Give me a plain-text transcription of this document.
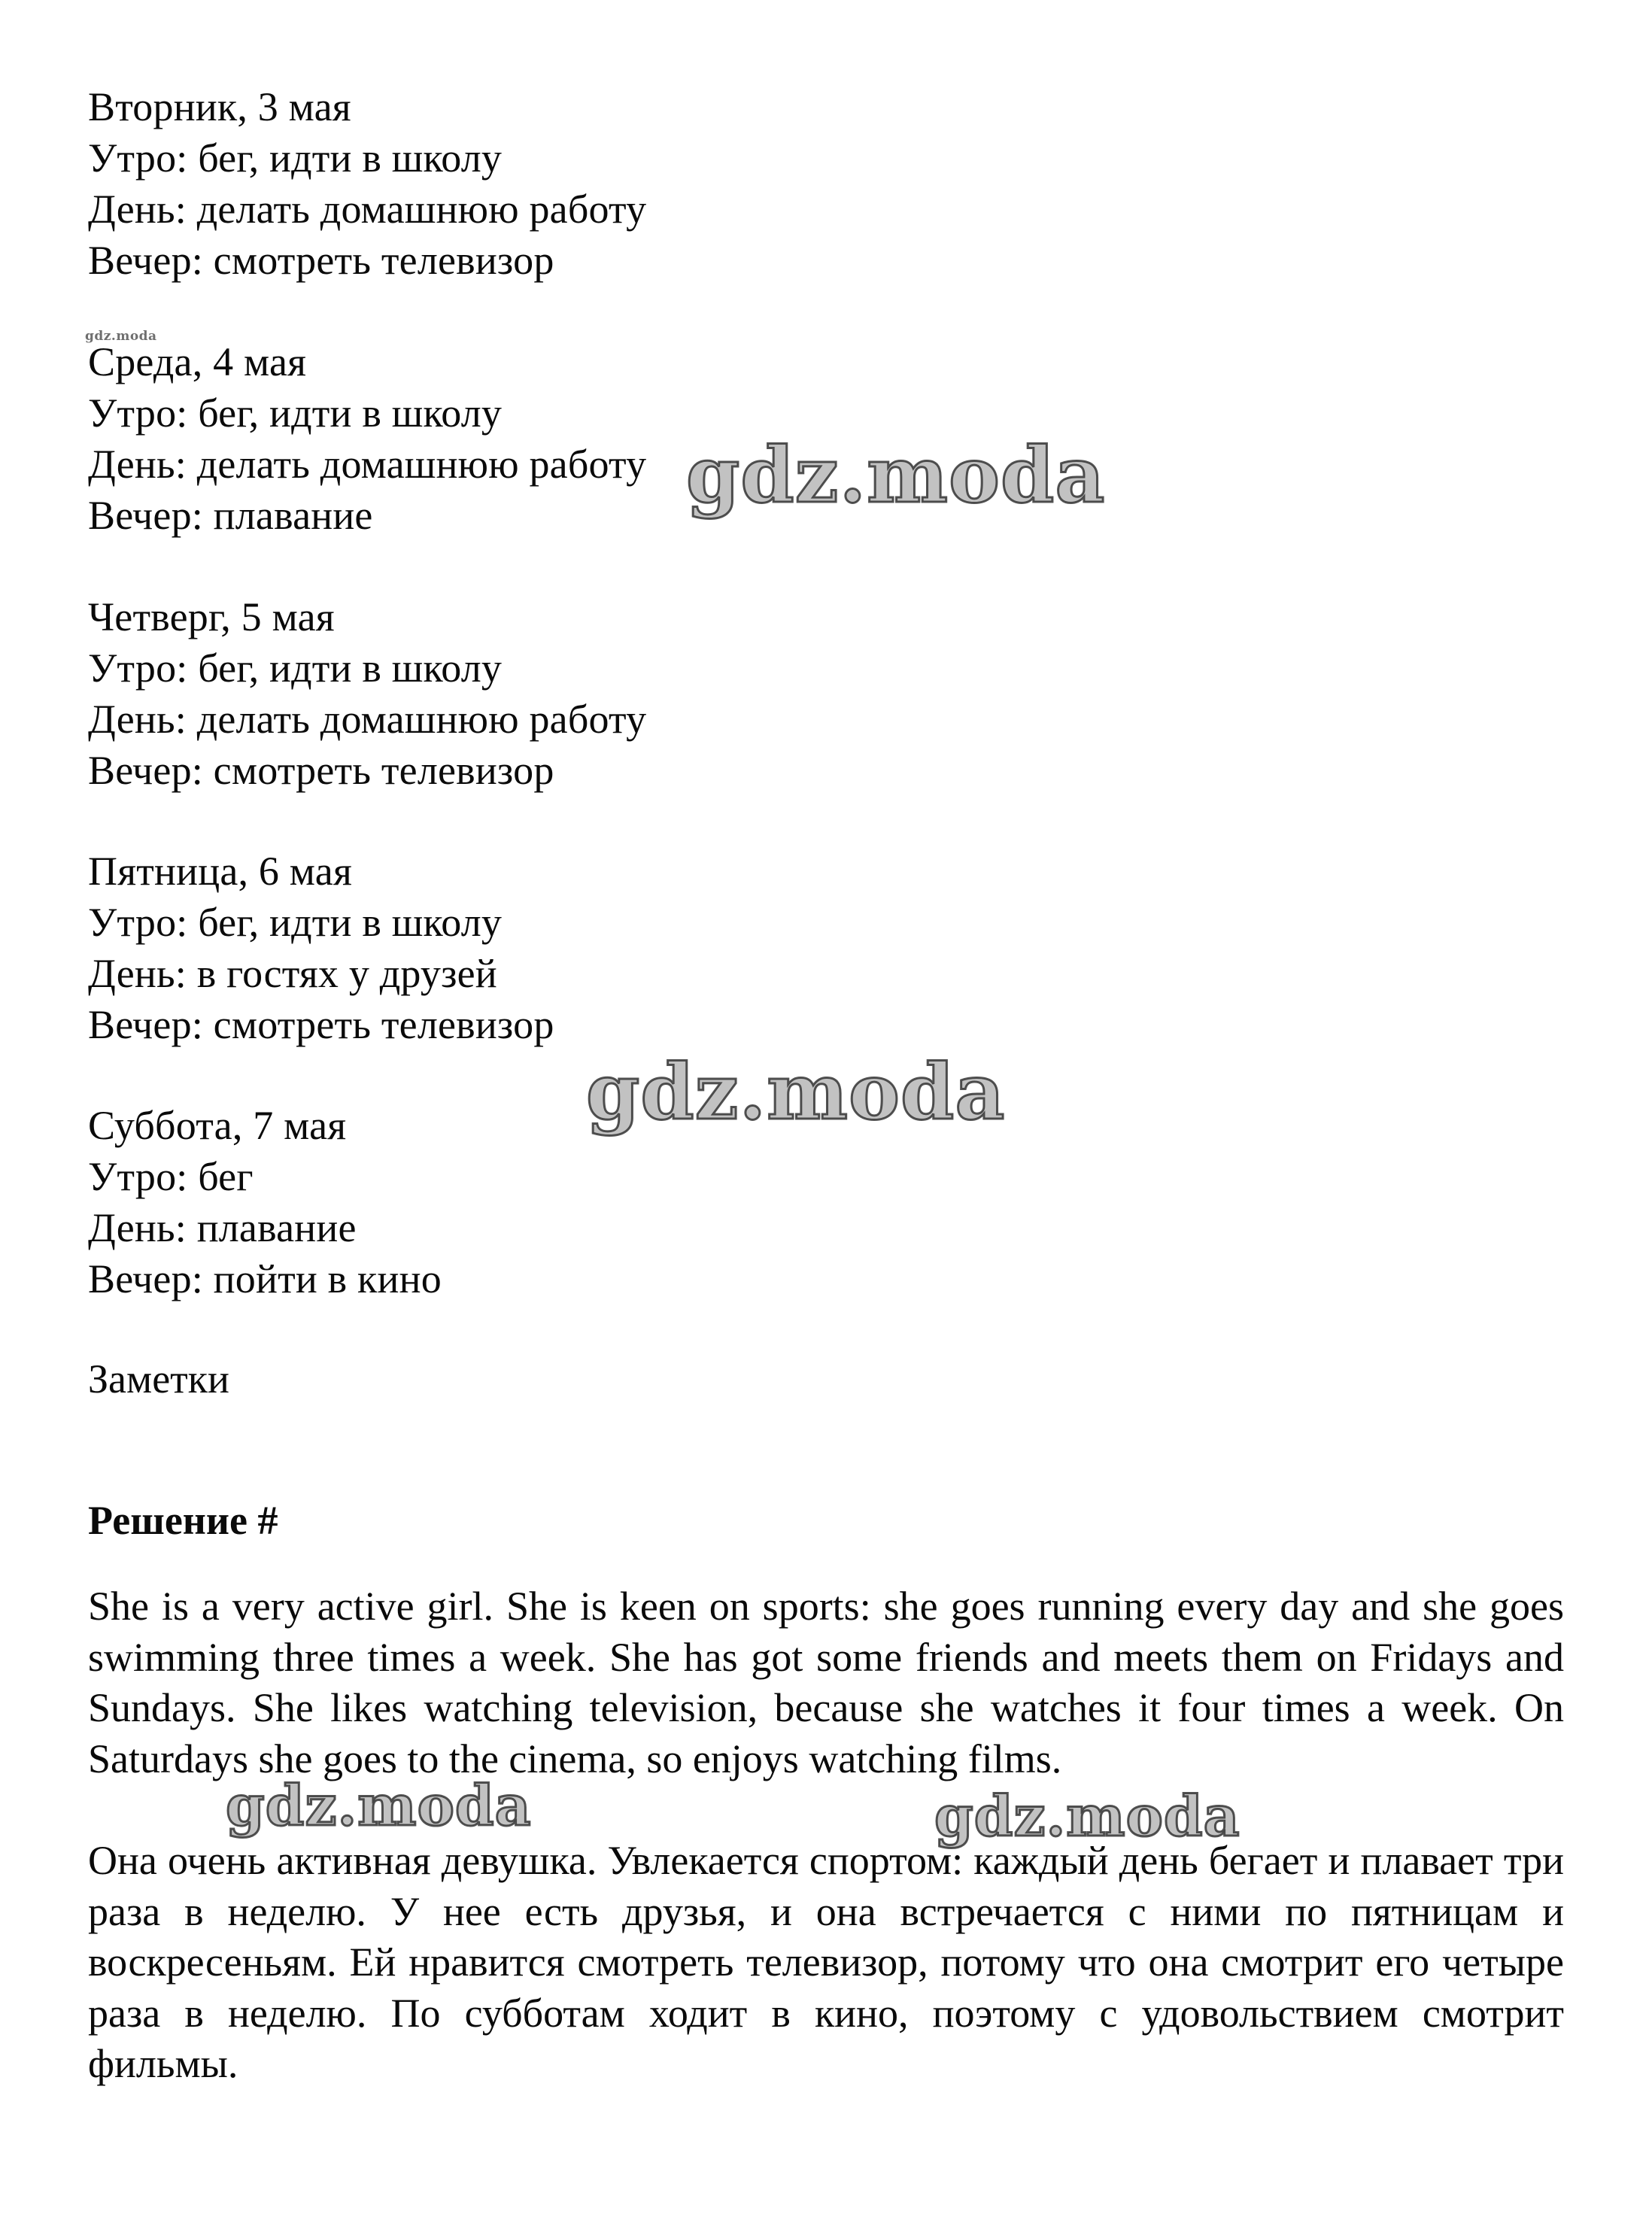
Вторник, 3 мая
Утро: бег, идти в школу
День: делать домашнюю работу
Вечер: смотреть телевизор
gdz.moda
Среда, 4 мая
Утро: бег, идти в школу
День: делать домашнюю работу
Вечер: плавание
Четверг, 5 мая
Утро: бег, идти в школу
День: делать домашнюю работу
Вечер: смотреть телевизор
Пятница, 6 мая
Утро: бег, идти в школу
День: в гостях у друзей
Вечер: смотреть телевизор
Суббота, 7 мая
Утро: бег
День: плавание
Вечер: пойти в кино
Заметки
Решение #
She is a very active girl. She is keen on sports: she goes running every day and she goes swimming three times a week. She has got some friends and meets them on Fridays and Sundays. She likes watching television, because she watches it four times a week. On Saturdays she goes to the cinema, so enjoys watching films.
Она очень активная девушка. Увлекается спортом: каждый день бегает и плавает три раза в неделю. У нее есть друзья, и она встречается с ними по пятницам и воскресеньям. Ей нравится смотреть телевизор, потому что она смотрит его четыре раза в неделю. По субботам ходит в кино, поэтому с удовольствием смотрит фильмы.
gdz.moda
gdz.moda
gdz.moda	gdz.moda
